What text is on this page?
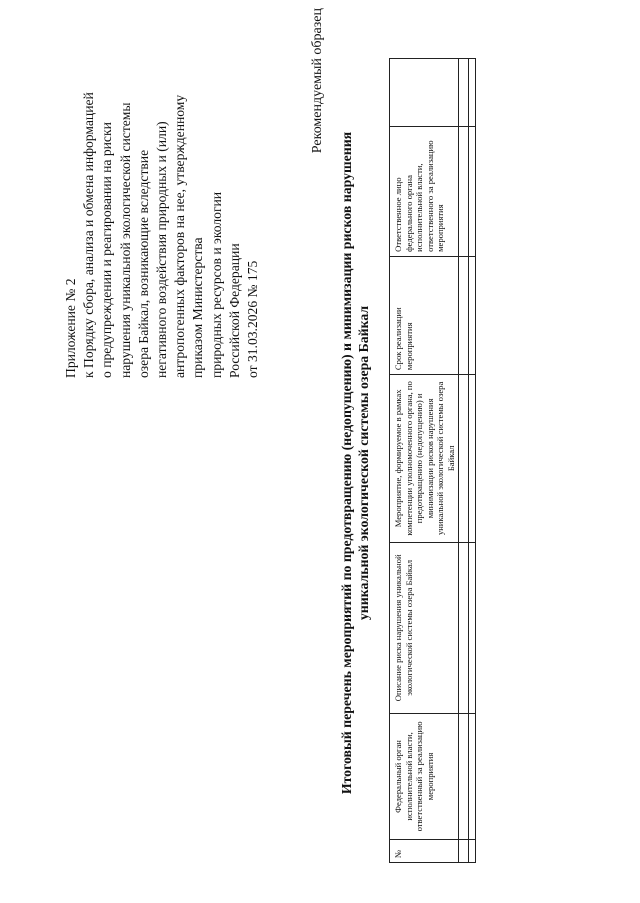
Приложение № 2 к Порядку сбора, анализа и обмена информацией о предупреждении и реагировании на риски нарушения уникальной экологической системы озера Байкал, возникающие вследствие негативного воздействия природных и (или) антропогенных факторов на нее, утвержденному приказом Министерства природных ресурсов и экологии Российской Федерации от 31.03.2026 № 175
Рекомендуемый образец
Итоговый перечень мероприятий по предотвращению (недопущению) и минимизации рисков нарушения уникальной экологической системы озера Байкал
№	Федеральный орган исполнительной власти, ответственный за реализацию мероприятия	Описание риска нарушения уникальной экологической системы озера Байкал	Мероприятие, формируемое в рамках компетенции уполномоченного органа, по предотвращению (недопущению) и минимизации рисков нарушения уникальной экологической системы озера Байкал	Срок реализации мероприятия	Ответственное лицо федерального органа исполнительной власти, ответственного за реализацию мероприятия	
